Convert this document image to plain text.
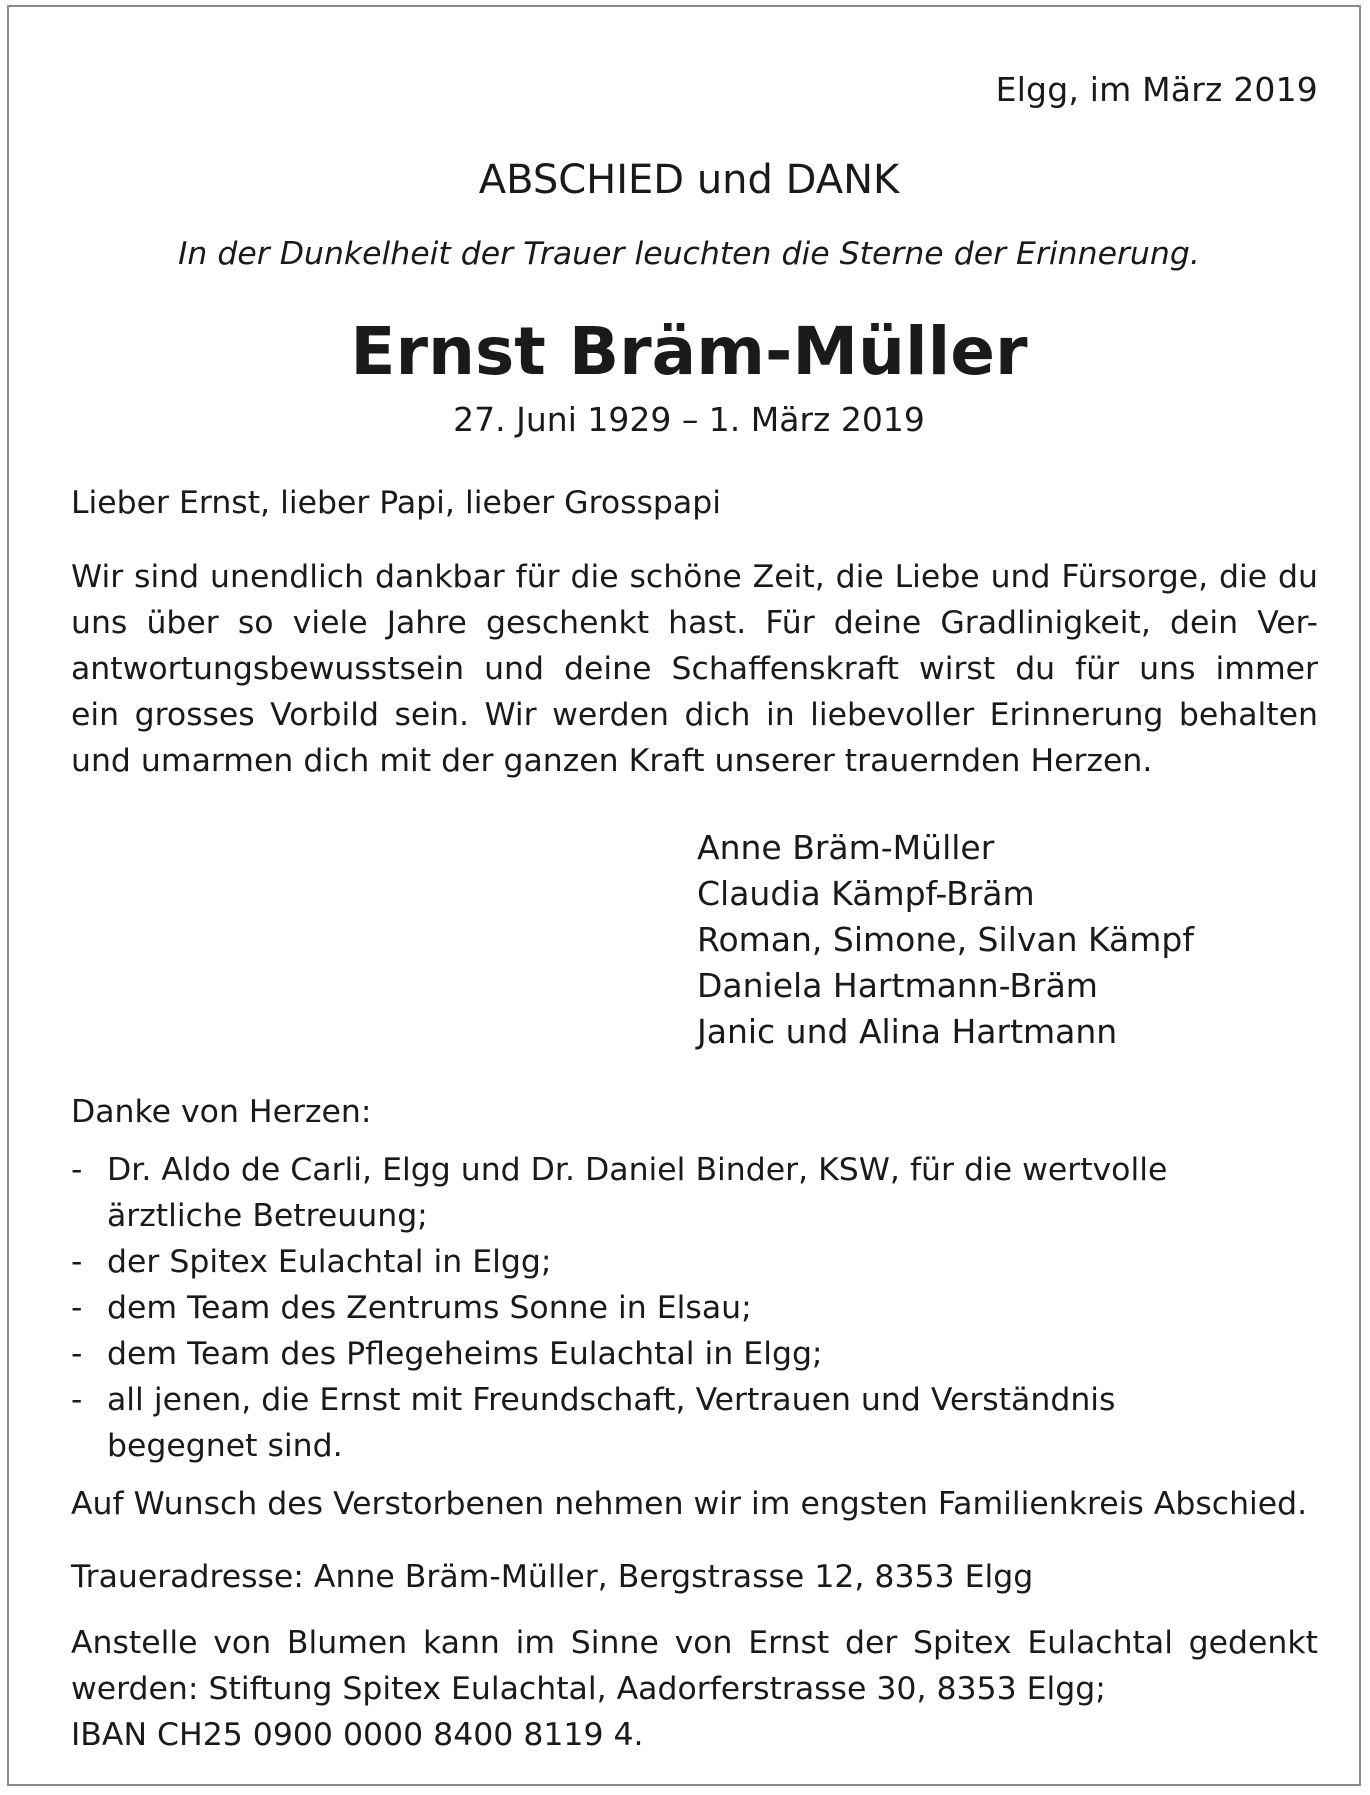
Elgg, im März 2019
ABSCHIED und DANK
In der Dunkelheit der Trauer leuchten die Sterne der Erinnerung.
Ernst Bräm-Müller
27. Juni 1929 – 1. März 2019
Lieber Ernst, lieber Papi, lieber Grosspapi
Wir sind unendlich dankbar für die schöne Zeit, die Liebe und Fürsorge, die du
uns über so viele Jahre geschenkt hast. Für deine Gradlinigkeit, dein Ver-
antwortungsbewusstsein und deine Schaffenskraft wirst du für uns immer
ein grosses Vorbild sein. Wir werden dich in liebevoller Erinnerung behalten
und umarmen dich mit der ganzen Kraft unserer trauernden Herzen.
Anne Bräm-Müller
Claudia Kämpf-Bräm
Roman, Simone, Silvan Kämpf
Daniela Hartmann-Bräm
Janic und Alina Hartmann
Danke von Herzen:
- Dr. Aldo de Carli, Elgg und Dr. Daniel Binder, KSW, für die wertvolle
ärztliche Betreuung;
- der Spitex Eulachtal in Elgg;
- dem Team des Zentrums Sonne in Elsau;
- dem Team des Pflegeheims Eulachtal in Elgg;
- all jenen, die Ernst mit Freundschaft, Vertrauen und Verständnis
begegnet sind.
Auf Wunsch des Verstorbenen nehmen wir im engsten Familienkreis Abschied.
Traueradresse: Anne Bräm-Müller, Bergstrasse 12, 8353 Elgg
Anstelle von Blumen kann im Sinne von Ernst der Spitex Eulachtal gedenkt
werden: Stiftung Spitex Eulachtal, Aadorferstrasse 30, 8353 Elgg;
IBAN CH25 0900 0000 8400 8119 4.
